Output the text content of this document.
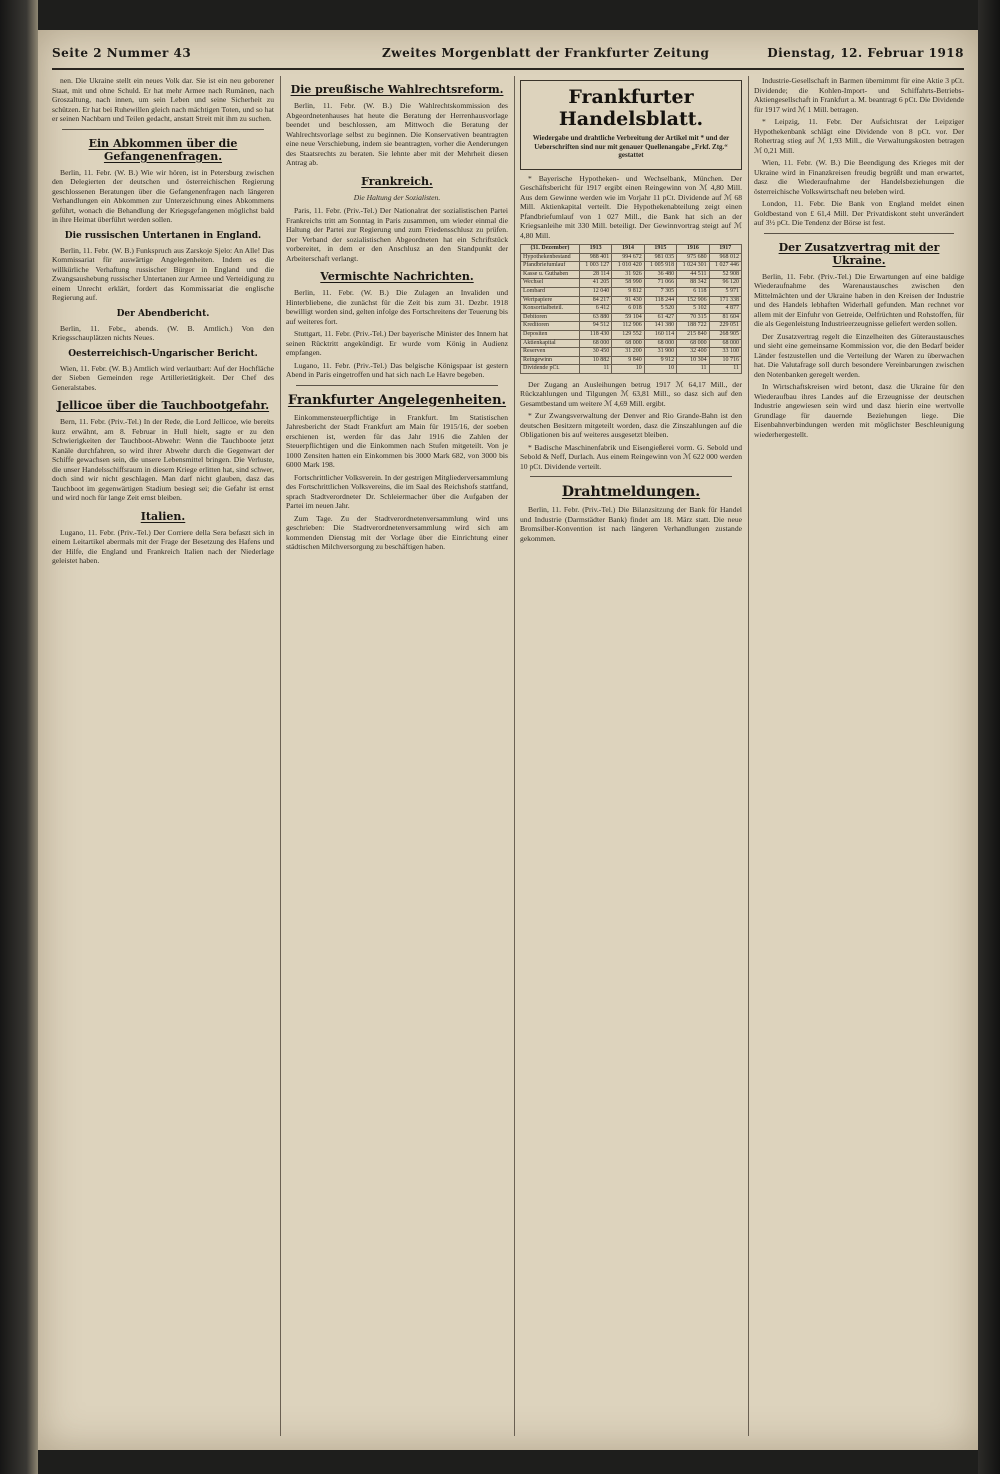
Seite 2 Nummer 43	Zweites Morgenblatt der Frankfurter Zeitung	Dienstag, 12. Februar 1918

nen. Die Ukraine stellt ein neues Volk dar. Sie ist ein neu geborener Staat, mit und ohne Schuld. Er hat mehr Armee nach Rumänen, nach Groszaltung, nach innen, um sein Leben und seine Sicherheit zu schützen. Er hat bei Ruhewillen gleich nach mächtigen Toten, und so hat er seinen Nachbarn und Teilen gedacht, anstatt Streit mit ihm zu suchen.

Ein Abkommen über die Gefangenenfragen.

Berlin, 11. Febr. (W. B.) Wie wir hören, ist in Petersburg zwischen den Delegierten der deutschen und österreichischen Regierung geschlossenen Beratungen über die Gefangenenfragen nach längeren Verhandlungen ein Abkommen zur Unterzeichnung eines Abkommens geführt, wonach die Behandlung der Kriegsgefangenen möglichst bald in ihre Heimat überführt werden sollen.

Die russischen Untertanen in England.

Berlin, 11. Febr. (W. B.) Funkspruch aus Zarskoje Sjelo: An Alle! Das Kommissariat für auswärtige Angelegenheiten. Indem es die willkürliche Verhaftung russischer Bürger in England und die Zwangsaushebung russischer Untertanen zur Armee und Verteidigung zu einem Unrecht erklärt, fordert das Kommissariat die englische Regierung auf.

Der Abendbericht.

Berlin, 11. Febr., abends. (W. B. Amtlich.) Von den Kriegsschauplätzen nichts Neues.

Oesterreichisch-Ungarischer Bericht.

Wien, 11. Febr. (W. B.) Amtlich wird verlautbart: Auf der Hochfläche der Sieben Gemeinden rege Artillerietätigkeit. Der Chef des Generalstabes.

Jellicoe über die Tauchbootgefahr.

Bern, 11. Febr. (Priv.-Tel.) In der Rede, die Lord Jellicoe, wie bereits kurz erwähnt, am 8. Februar in Hull hielt, sagte er zu den Schwierigkeiten der Tauchboot-Abwehr: Wenn die Tauchboote jetzt Kanäle durchfahren, so wird ihrer Abwehr durch die Gegenwart der Schiffe gewachsen sein, die unsere Lebensmittel bringen. Die Verluste, die unser Handelsschiffsraum in diesem Kriege erlitten hat, sind schwer, doch sind wir nicht geschlagen. Man darf nicht glauben, dasz das Tauchboot im gegenwärtigen Stadium besiegt sei; die Gefahr ist ernst und wird noch für lange Zeit ernst bleiben.

Italien.

Lugano, 11. Febr. (Priv.-Tel.) Der Corriere della Sera befaszt sich in einem Leitartikel abermals mit der Frage der Besetzung des Hafens und der Hilfe, die England und Frankreich Italien nach der Niederlage geleistet haben.

Die preußische Wahlrechtsreform.

Berlin, 11. Febr. (W. B.) Die Wahlrechtskommission des Abgeordnetenhauses hat heute die Beratung der Herrenhausvorlage beendet und beschlossen, am Mittwoch die Beratung der Wahlrechtsvorlage selbst zu beginnen. Die Konservativen beantragten eine neue Verschiebung, indem sie beantragten, vorher die Aenderungen des Staatsrechts zu beraten. Sie lehnte aber mit der Mehrheit diesen Antrag ab.

Frankreich.
Die Haltung der Sozialisten.

Paris, 11. Febr. (Priv.-Tel.) Der Nationalrat der sozialistischen Partei Frankreichs tritt am Sonntag in Paris zusammen, um wieder einmal die Haltung der Partei zur Regierung und zum Friedensschlusz zu prüfen. Der Verband der sozialistischen Abgeordneten hat ein Schriftstück vorbereitet, in dem er den Anschlusz an den Standpunkt der Arbeiterschaft verlangt.

Vermischte Nachrichten.

Berlin, 11. Febr. (W. B.) Die Zulagen an Invaliden und Hinterbliebene, die zunächst für die Zeit bis zum 31. Dezbr. 1918 bewilligt worden sind, gelten infolge des Fortschreitens der Teuerung bis auf weiteres fort.

Stuttgart, 11. Febr. (Priv.-Tel.) Der bayerische Minister des Innern hat seinen Rücktritt angekündigt. Er wurde vom König in Audienz empfangen.

Lugano, 11. Febr. (Priv.-Tel.) Das belgische Königspaar ist gestern Abend in Paris eingetroffen und hat sich nach Le Havre begeben.

Frankfurter Angelegenheiten.

Einkommensteuerpflichtige in Frankfurt. Im Statistischen Jahresbericht der Stadt Frankfurt am Main für 1915/16, der soeben erschienen ist, werden für das Jahr 1916 die Zahlen der Steuerpflichtigen und die Einkommen nach Stufen mitgeteilt. Von je 1000 Zensiten hatten ein Einkommen bis 3000 Mark 682, von 3000 bis 6000 Mark 198.

Fortschrittlicher Volksverein. In der gestrigen Mitgliederversammlung des Fortschrittlichen Volksvereins, die im Saal des Reichshofs stattfand, sprach Stadtverordneter Dr. Schleiermacher über die Aufgaben der Partei im neuen Jahr.

Zum Tage. Zu der Stadtverordnetenversammlung wird uns geschrieben: Die Stadtverordnetenversammlung wird sich am kommenden Dienstag mit der Vorlage über die Einrichtung einer städtischen Milchversorgung zu beschäftigen haben.

Frankfurter Handelsblatt.
Wiedergabe und drahtliche Verbreitung der Artikel mit * und der Ueberschriften sind nur mit genauer Quellenangabe „Frkf. Ztg.“ gestattet

* Bayerische Hypotheken- und Wechselbank, München. Der Geschäftsbericht für 1917 ergibt einen Reingewinn von ℳ 4,80 Mill. Aus dem Gewinne werden wie im Vorjahr 11 pCt. Dividende auf ℳ 68 Mill. Aktienkapital verteilt. Die Hypothekenabteilung zeigt einen Pfandbriefumlauf von 1 027 Mill., die Bank hat sich an der Kriegsanleihe mit 330 Mill. beteiligt. Der Gewinnvortrag steigt auf ℳ 4,80 Mill.

(31. Dezember)	1913	1914	1915	1916	1917
Hypothekenbestand	988 401	994 672	981 035	975 680	968 012
Pfandbriefumlauf	1 003 127	1 010 420	1 005 918	1 024 301	1 027 446
Kasse u. Guthaben	28 114	31 926	36 480	44 511	52 908
Wechsel	41 205	58 990	71 066	88 342	96 120
Lombard	12 040	9 812	7 305	6 118	5 971
Wertpapiere	84 217	91 430	118 244	152 906	171 338
Konsortialbeteil.	6 412	6 018	5 520	5 102	4 877
Debitoren	63 880	59 104	61 427	70 315	81 604
Kreditoren	94 512	112 906	141 380	188 722	229 051
Depositen	118 430	129 552	160 114	215 840	268 905
Aktienkapital	68 000	68 000	68 000	68 000	68 000
Reserven	30 450	31 200	31 900	32 400	33 100
Reingewinn	10 882	9 840	9 912	10 304	10 716
Dividende pCt.	11	10	10	11	11

Der Zugang an Ausleihungen betrug 1917 ℳ 64,17 Mill., der Rückzahlungen und Tilgungen ℳ 63,81 Mill., so dasz sich auf den Gesamtbestand um weitere ℳ 4,69 Mill. ergibt.

* Zur Zwangsverwaltung der Denver and Rio Grande-Bahn ist den deutschen Besitzern mitgeteilt worden, dasz die Zinszahlungen auf die Obligationen bis auf weiteres ausgesetzt bleiben.

* Badische Maschinenfabrik und Eisengießerei vorm. G. Sebold und Sebold & Neff, Durlach. Aus einem Reingewinn von ℳ 622 000 werden 10 pCt. Dividende verteilt.

Drahtmeldungen.

Berlin, 11. Febr. (Priv.-Tel.) Die Bilanzsitzung der Bank für Handel und Industrie (Darmstädter Bank) findet am 18. März statt. Die neue Bromsilber-Konvention ist nach längeren Verhandlungen zustande gekommen.

Industrie-Gesellschaft in Barmen übernimmt für eine Aktie 3 pCt. Dividende; die Kohlen-Import- und Schiffahrts-Betriebs-Aktiengesellschaft in Frankfurt a. M. beantragt 6 pCt. Die Dividende für 1917 wird ℳ 1 Mill. betragen.

* Leipzig, 11. Febr. Der Aufsichtsrat der Leipziger Hypothekenbank schlägt eine Dividende von 8 pCt. vor. Der Rohertrag stieg auf ℳ 1,93 Mill., die Verwaltungskosten betragen ℳ 0,21 Mill.

Wien, 11. Febr. (W. B.) Die Beendigung des Krieges mit der Ukraine wird in Finanzkreisen freudig begrüßt und man erwartet, dasz die Wiederaufnahme der Handelsbeziehungen die österreichische Volkswirtschaft neu beleben wird.

London, 11. Febr. Die Bank von England meldet einen Goldbestand von £ 61,4 Mill. Der Privatdiskont steht unverändert auf 3½ pCt. Die Tendenz der Börse ist fest.

Der Zusatzvertrag mit der Ukraine.

Berlin, 11. Febr. (Priv.-Tel.) Die Erwartungen auf eine baldige Wiederaufnahme des Warenaustausches zwischen den Mittelmächten und der Ukraine haben in den Kreisen der Industrie und des Handels lebhaften Widerhall gefunden. Man rechnet vor allem mit der Einfuhr von Getreide, Oelfrüchten und Rohstoffen, für die als Gegenleistung Industrieerzeugnisse geliefert werden sollen.

Der Zusatzvertrag regelt die Einzelheiten des Güteraustausches und sieht eine gemeinsame Kommission vor, die den Bedarf beider Länder festzustellen und die Verteilung der Waren zu überwachen hat. Die Valutafrage soll durch besondere Vereinbarungen zwischen den Notenbanken geregelt werden.

In Wirtschaftskreisen wird betont, dasz die Ukraine für den Wiederaufbau ihres Landes auf die Erzeugnisse der deutschen Industrie angewiesen sein wird und dasz hierin eine wertvolle Grundlage für dauernde Beziehungen liege. Die Eisenbahnverbindungen werden mit möglichster Beschleunigung wiederhergestellt.
